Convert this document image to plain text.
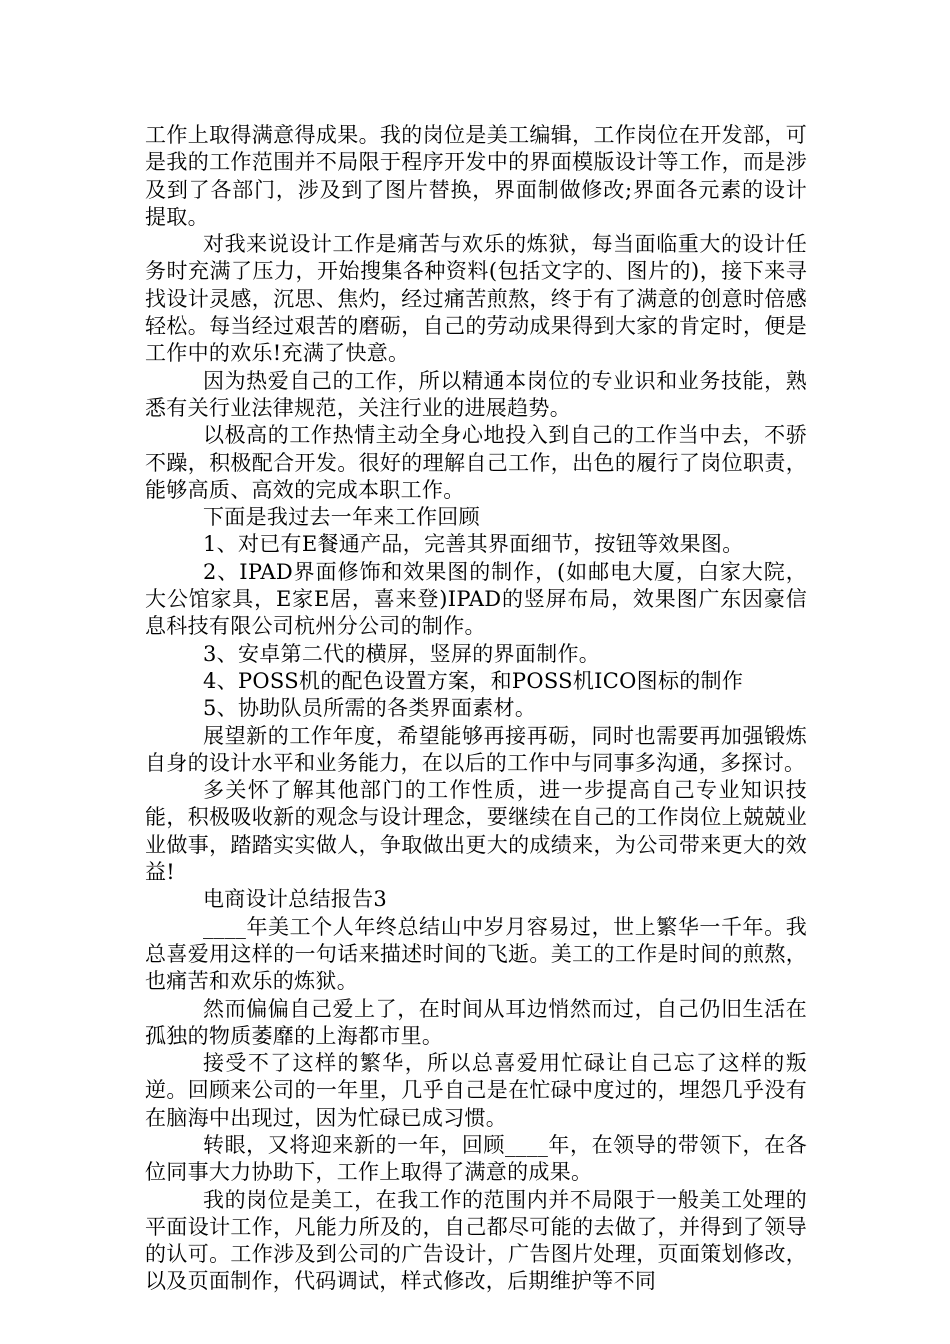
工作上取得满意得成果。我的岗位是美工编辑，工作岗位在开发部，可是我的工作范围并不局限于程序开发中的界面模版设计等工作，而是涉及到了各部门，涉及到了图片替换，界面制做修改;界面各元素的设计提取。

对我来说设计工作是痛苦与欢乐的炼狱，每当面临重大的设计任务时充满了压力，开始搜集各种资料(包括文字的、图片的)，接下来寻找设计灵感，沉思、焦灼，经过痛苦煎熬，终于有了满意的创意时倍感轻松。每当经过艰苦的磨砺，自己的劳动成果得到大家的肯定时，便是工作中的欢乐!充满了快意。

因为热爱自己的工作，所以精通本岗位的专业识和业务技能，熟悉有关行业法律规范，关注行业的进展趋势。

以极高的工作热情主动全身心地投入到自己的工作当中去，不骄不躁，积极配合开发。很好的理解自己工作，出色的履行了岗位职责，能够高质、高效的完成本职工作。

下面是我过去一年来工作回顾

1、对已有E餐通产品，完善其界面细节，按钮等效果图。

2、IPAD界面修饰和效果图的制作，(如邮电大厦，白家大院，大公馆家具，E家E居，喜来登)IPAD的竖屏布局，效果图广东因豪信息科技有限公司杭州分公司的制作。

3、安卓第二代的横屏，竖屏的界面制作。

4、POSS机的配色设置方案，和POSS机ICO图标的制作

5、协助队员所需的各类界面素材。

展望新的工作年度，希望能够再接再砺，同时也需要再加强锻炼自身的设计水平和业务能力，在以后的工作中与同事多沟通，多探讨。

多关怀了解其他部门的工作性质，进一步提高自己专业知识技能，积极吸收新的观念与设计理念，要继续在自己的工作岗位上兢兢业业做事，踏踏实实做人，争取做出更大的成绩来，为公司带来更大的效益!

电商设计总结报告3

____年美工个人年终总结山中岁月容易过，世上繁华一千年。我总喜爱用这样的一句话来描述时间的飞逝。美工的工作是时间的煎熬，也痛苦和欢乐的炼狱。

然而偏偏自己爱上了，在时间从耳边悄然而过，自己仍旧生活在孤独的物质萎靡的上海都市里。

接受不了这样的繁华，所以总喜爱用忙碌让自己忘了这样的叛逆。回顾来公司的一年里，几乎自己是在忙碌中度过的，埋怨几乎没有在脑海中出现过，因为忙碌已成习惯。

转眼，又将迎来新的一年，回顾____年，在领导的带领下，在各位同事大力协助下，工作上取得了满意的成果。

我的岗位是美工，在我工作的范围内并不局限于一般美工处理的平面设计工作，凡能力所及的，自己都尽可能的去做了，并得到了领导的认可。工作涉及到公司的广告设计，广告图片处理，页面策划修改，以及页面制作，代码调试，样式修改，后期维护等不同
